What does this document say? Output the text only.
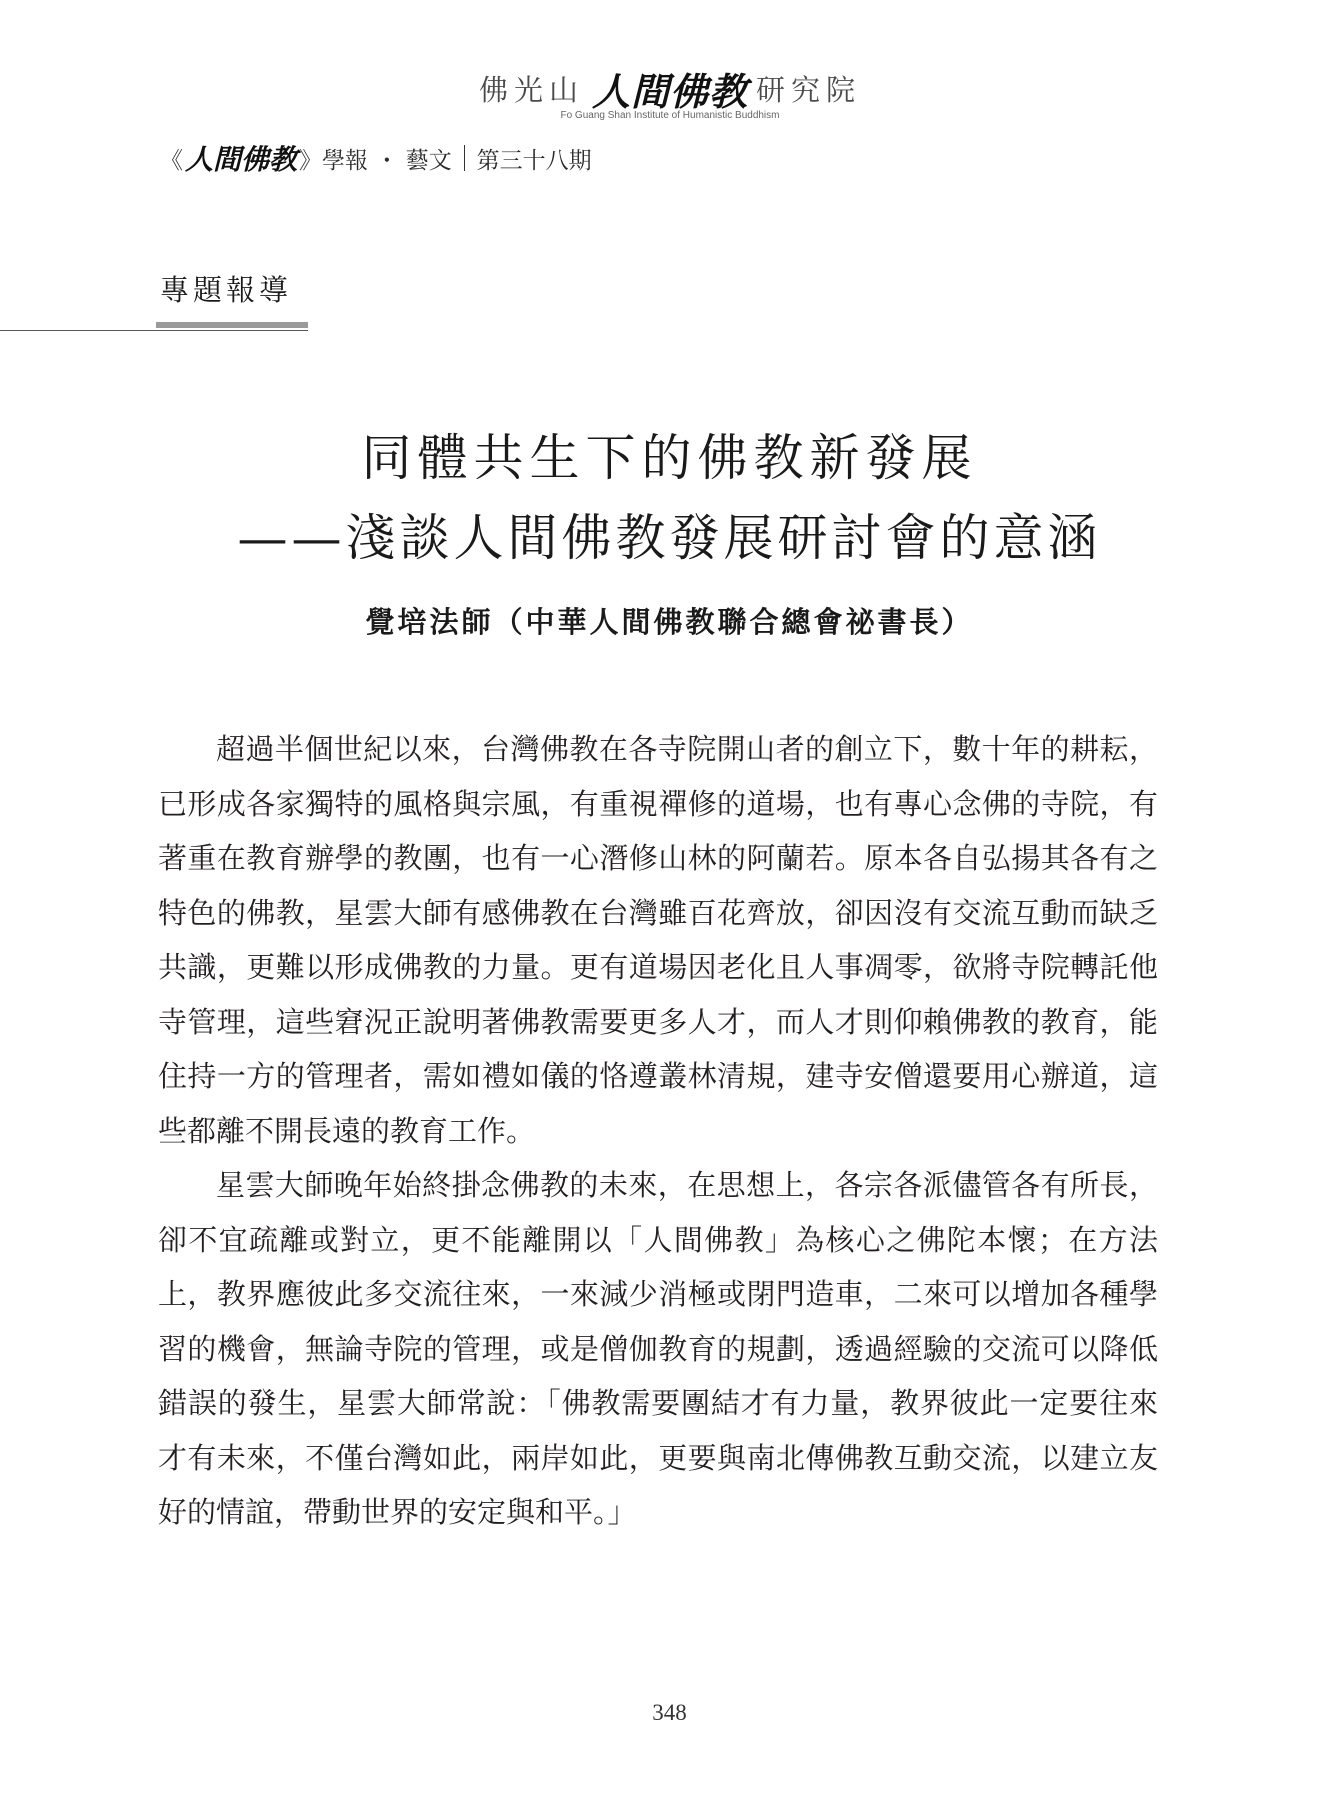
佛光山 人間佛教 研究院
Fo Guang Shan Institute of Humanistic Buddhism
《 人間佛教 》學報 ・ 藝文 第三十八期
專題報導
同體共生下的佛教新發展
——淺談人間佛教發展研討會的意涵
覺培法師（中華人間佛教聯合總會祕書長）

超過半個世紀以來，台灣佛教在各寺院開山者的創立下，數十年的耕耘，已形成各家獨特的風格與宗風，有重視禪修的道場，也有專心念佛的寺院，有著重在教育辦學的教團，也有一心潛修山林的阿蘭若。原本各自弘揚其各有之特色的佛教，星雲大師有感佛教在台灣雖百花齊放，卻因沒有交流互動而缺乏共識，更難以形成佛教的力量。更有道場因老化且人事凋零，欲將寺院轉託他寺管理，這些窘況正說明著佛教需要更多人才，而人才則仰賴佛教的教育，能住持一方的管理者，需如禮如儀的恪遵叢林清規，建寺安僧還要用心辦道，這些都離不開長遠的教育工作。

星雲大師晚年始終掛念佛教的未來，在思想上，各宗各派儘管各有所長，卻不宜疏離或對立，更不能離開以「人間佛教」為核心之佛陀本懷；在方法上，教界應彼此多交流往來，一來減少消極或閉門造車，二來可以增加各種學習的機會，無論寺院的管理，或是僧伽教育的規劃，透過經驗的交流可以降低錯誤的發生，星雲大師常說：「佛教需要團結才有力量，教界彼此一定要往來才有未來，不僅台灣如此，兩岸如此，更要與南北傳佛教互動交流，以建立友好的情誼，帶動世界的安定與和平。」

348
